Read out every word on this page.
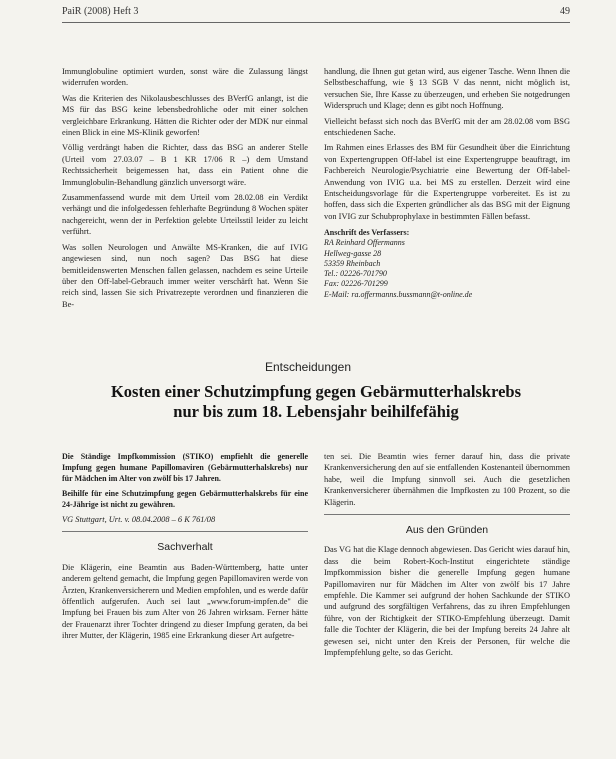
PaiR (2008) Heft 3	49

Immunglobuline optimiert wurden, sonst wäre die Zulassung längst widerrufen worden.

Was die Kriterien des Nikolausbeschlusses des BVerfG anlangt, ist die MS für das BSG keine lebensbedrohliche oder mit einer solchen vergleichbare Erkrankung. Hätten die Richter oder der MDK nur einmal einen Blick in eine MS-Klinik geworfen!

Völlig verdrängt haben die Richter, dass das BSG an anderer Stelle (Urteil vom 27.03.07 – B 1 KR 17/06 R –) dem Umstand Rechtssicherheit beigemessen hat, dass ein Patient ohne die Immunglobulin-Behandlung gänzlich unversorgt wäre.

Zusammenfassend wurde mit dem Urteil vom 28.02.08 ein Verdikt verhängt und die infolgedessen fehlerhafte Begründung 8 Wochen später nachgereicht, wenn der in Perfektion gelebte Urteilsstil leider zu leicht verführt.

Was sollen Neurologen und Anwälte MS-Kranken, die auf IVIG angewiesen sind, nun noch sagen? Das BSG hat diese bemitleidenswerten Menschen fallen gelassen, nachdem es seine Urteile über den Off-label-Gebrauch immer weiter verschärft hat. Wenn Sie reich sind, lassen Sie sich Privatrezepte verordnen und finanzieren die Be-

handlung, die Ihnen gut getan wird, aus eigener Tasche. Wenn Ihnen die Selbstbeschaffung, wie § 13 SGB V das nennt, nicht möglich ist, versuchen Sie, Ihre Kasse zu überzeugen, und erheben Sie notgedrungen Widerspruch und Klage; denn es gibt noch Hoffnung.

Vielleicht befasst sich noch das BVerfG mit der am 28.02.08 vom BSG entschiedenen Sache.

Im Rahmen eines Erlasses des BM für Gesundheit über die Einrichtung von Expertengruppen Off-label ist eine Expertengruppe beauftragt, im Fachbereich Neurologie/Psychiatrie eine Bewertung der Off-label-Anwendung von IVIG u.a. bei MS zu erstellen. Derzeit wird eine Entscheidungsvorlage für die Expertengruppe vorbereitet. Es ist zu hoffen, dass sich die Experten gründlicher als das BSG mit der Eignung von IVIG zur Schubprophylaxe in bestimmten Fällen befasst.

Anschrift des Verfassers:
RA Reinhard Offermanns
Hellweg-gasse 28
53359 Rheinbach
Tel.: 02226-701790
Fax: 02226-701299
E-Mail: ra.offermanns.bussmann@t-online.de
Entscheidungen
Kosten einer Schutzimpfung gegen Gebärmutterhalskrebs
nur bis zum 18. Lebensjahr beihilfefähig

Die Ständige Impfkommission (STIKO) empfiehlt die generelle Impfung gegen humane Papillomaviren (Gebärmutterhalskrebs) nur für Mädchen im Alter von zwölf bis 17 Jahren.

Beihilfe für eine Schutzimpfung gegen Gebärmutterhalskrebs für eine 24-Jährige ist nicht zu gewähren.

VG Stuttgart, Urt. v. 08.04.2008 – 6 K 761/08
Sachverhalt

Die Klägerin, eine Beamtin aus Baden-Württemberg, hatte unter anderem geltend gemacht, die Impfung gegen Papillomaviren werde von Ärzten, Krankenversicherern und Medien empfohlen, und es werde dafür öffentlich aufgerufen. Auch sei laut „www.forum-impfen.de" die Impfung bei Frauen bis zum Alter von 26 Jahren wirksam. Ferner hätte der Frauenarzt ihrer Tochter dringend zu dieser Impfung geraten, da bei ihrer Mutter, der Klägerin, 1985 eine Erkrankung dieser Art aufgetre-

ten sei. Die Beamtin wies ferner darauf hin, dass die private Krankenversicherung den auf sie entfallenden Kostenanteil übernommen habe, weil die Impfung sinnvoll sei. Auch die gesetzlichen Krankenversicherer übernähmen die Impfkosten zu 100 Prozent, so die Klägerin.

Aus den Gründen

Das VG hat die Klage dennoch abgewiesen. Das Gericht wies darauf hin, dass die beim Robert-Koch-Institut eingerichtete ständige Impfkommission bisher die generelle Impfung gegen humane Papillomaviren nur für Mädchen im Alter von zwölf bis 17 Jahre empfehle. Die Kammer sei aufgrund der hohen Sachkunde der STIKO und aufgrund des sorgfältigen Verfahrens, das zu ihren Empfehlungen führe, von der Richtigkeit der STIKO-Empfehlung überzeugt. Damit falle die Tochter der Klägerin, die bei der Impfung bereits 24 Jahre alt gewesen sei, nicht unter den Kreis der Personen, für welche die Impfempfehlung gelte, so das Gericht.
